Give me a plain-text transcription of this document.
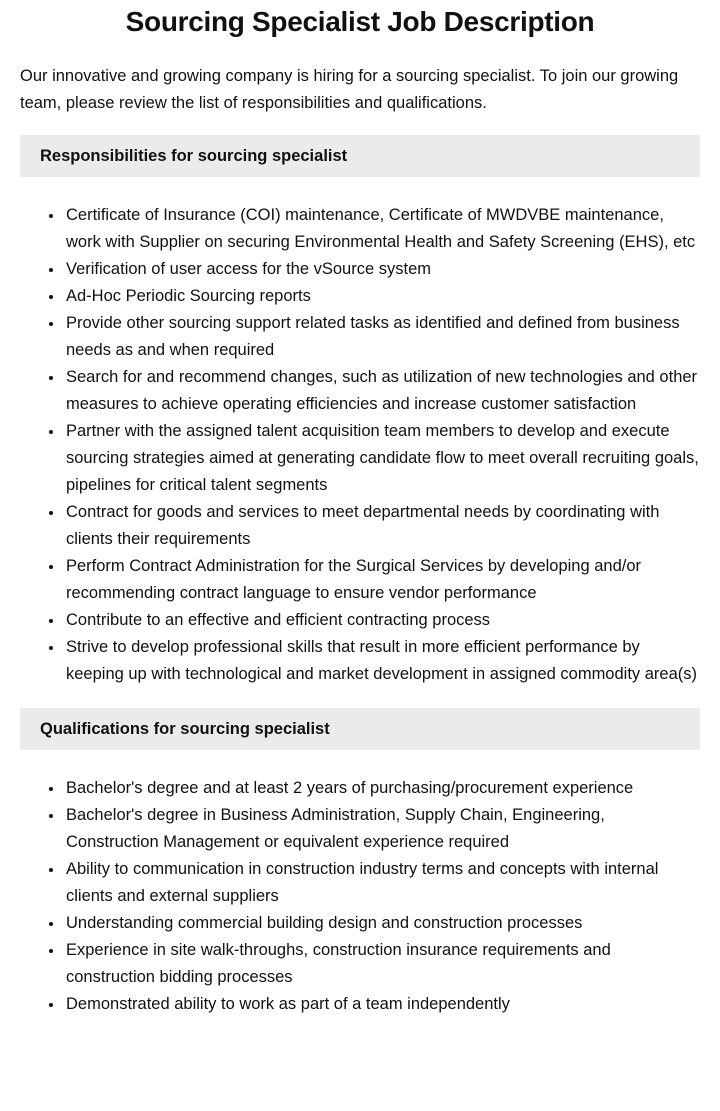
Sourcing Specialist Job Description

Our innovative and growing company is hiring for a sourcing specialist. To join our growing team, please review the list of responsibilities and qualifications.

Responsibilities for sourcing specialist
• Certificate of Insurance (COI) maintenance, Certificate of MWDVBE maintenance, work with Supplier on securing Environmental Health and Safety Screening (EHS), etc
• Verification of user access for the vSource system
• Ad-Hoc Periodic Sourcing reports
• Provide other sourcing support related tasks as identified and defined from business needs as and when required
• Search for and recommend changes, such as utilization of new technologies and other measures to achieve operating efficiencies and increase customer satisfaction
• Partner with the assigned talent acquisition team members to develop and execute sourcing strategies aimed at generating candidate flow to meet overall recruiting goals, pipelines for critical talent segments
• Contract for goods and services to meet departmental needs by coordinating with clients their requirements
• Perform Contract Administration for the Surgical Services by developing and/or recommending contract language to ensure vendor performance
• Contribute to an effective and efficient contracting process
• Strive to develop professional skills that result in more efficient performance by keeping up with technological and market development in assigned commodity area(s)
Qualifications for sourcing specialist
• Bachelor's degree and at least 2 years of purchasing/procurement experience
• Bachelor's degree in Business Administration, Supply Chain, Engineering, Construction Management or equivalent experience required
• Ability to communication in construction industry terms and concepts with internal clients and external suppliers
• Understanding commercial building design and construction processes
• Experience in site walk-throughs, construction insurance requirements and construction bidding processes
• Demonstrated ability to work as part of a team independently
